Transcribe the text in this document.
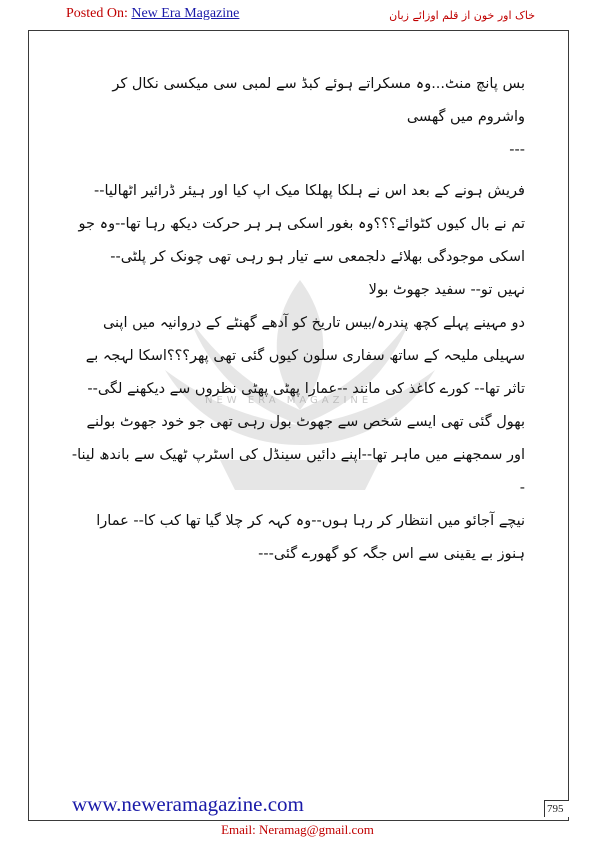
Posted On: New Era Magazine	خاک اور خون از قلم اوزائے زبان
NEW ERA MAGAZINE

بس پانچ منٹ...وہ مسکراتے ہوئے کبڈ سے لمبی سی میکسی نکال کر واشروم میں گھسی

---

فریش ہونے کے بعد اس نے ہلکا پھلکا میک اپ کیا اور ہیئر ڈرائیر اٹھالیا--

تم نے بال کیوں کٹوائے؟؟؟وہ بغور اسکی ہر ہر حرکت دیکھ رہا تھا--وہ جو اسکی موجودگی بھلائے دلجمعی سے تیار ہو رہی تھی چونک کر پلٹی--

نہیں تو-- سفید جھوٹ بولا

دو مہینے پہلے کچھ پندرہ/بیس تاریخ کو آدھے گھنٹے کے دروانیہ میں اپنی سہیلی ملیحہ کے ساتھ سفاری سلون کیوں گئی تھی پھر؟؟؟اسکا لہجہ بے تاثر تھا-- کورے کاغذ کی مانند --عمارا پھٹی پھٹی نظروں سے دیکھنے لگی--بھول گئی تھی ایسے شخص سے جھوٹ بول رہی تھی جو خود جھوٹ بولنے اور سمجھنے میں ماہر تھا--اپنے دائیں سینڈل کی اسٹرپ ٹھیک سے باندھ لینا--

نیچے آجائو میں انتظار کر رہا ہوں--وہ کہہ کر چلا گیا تھا کب کا-- عمارا ہنوز بے یقینی سے اس جگہ کو گھورے گئی---

www.neweramagazine.com	795
Email: Neramag@gmail.com
